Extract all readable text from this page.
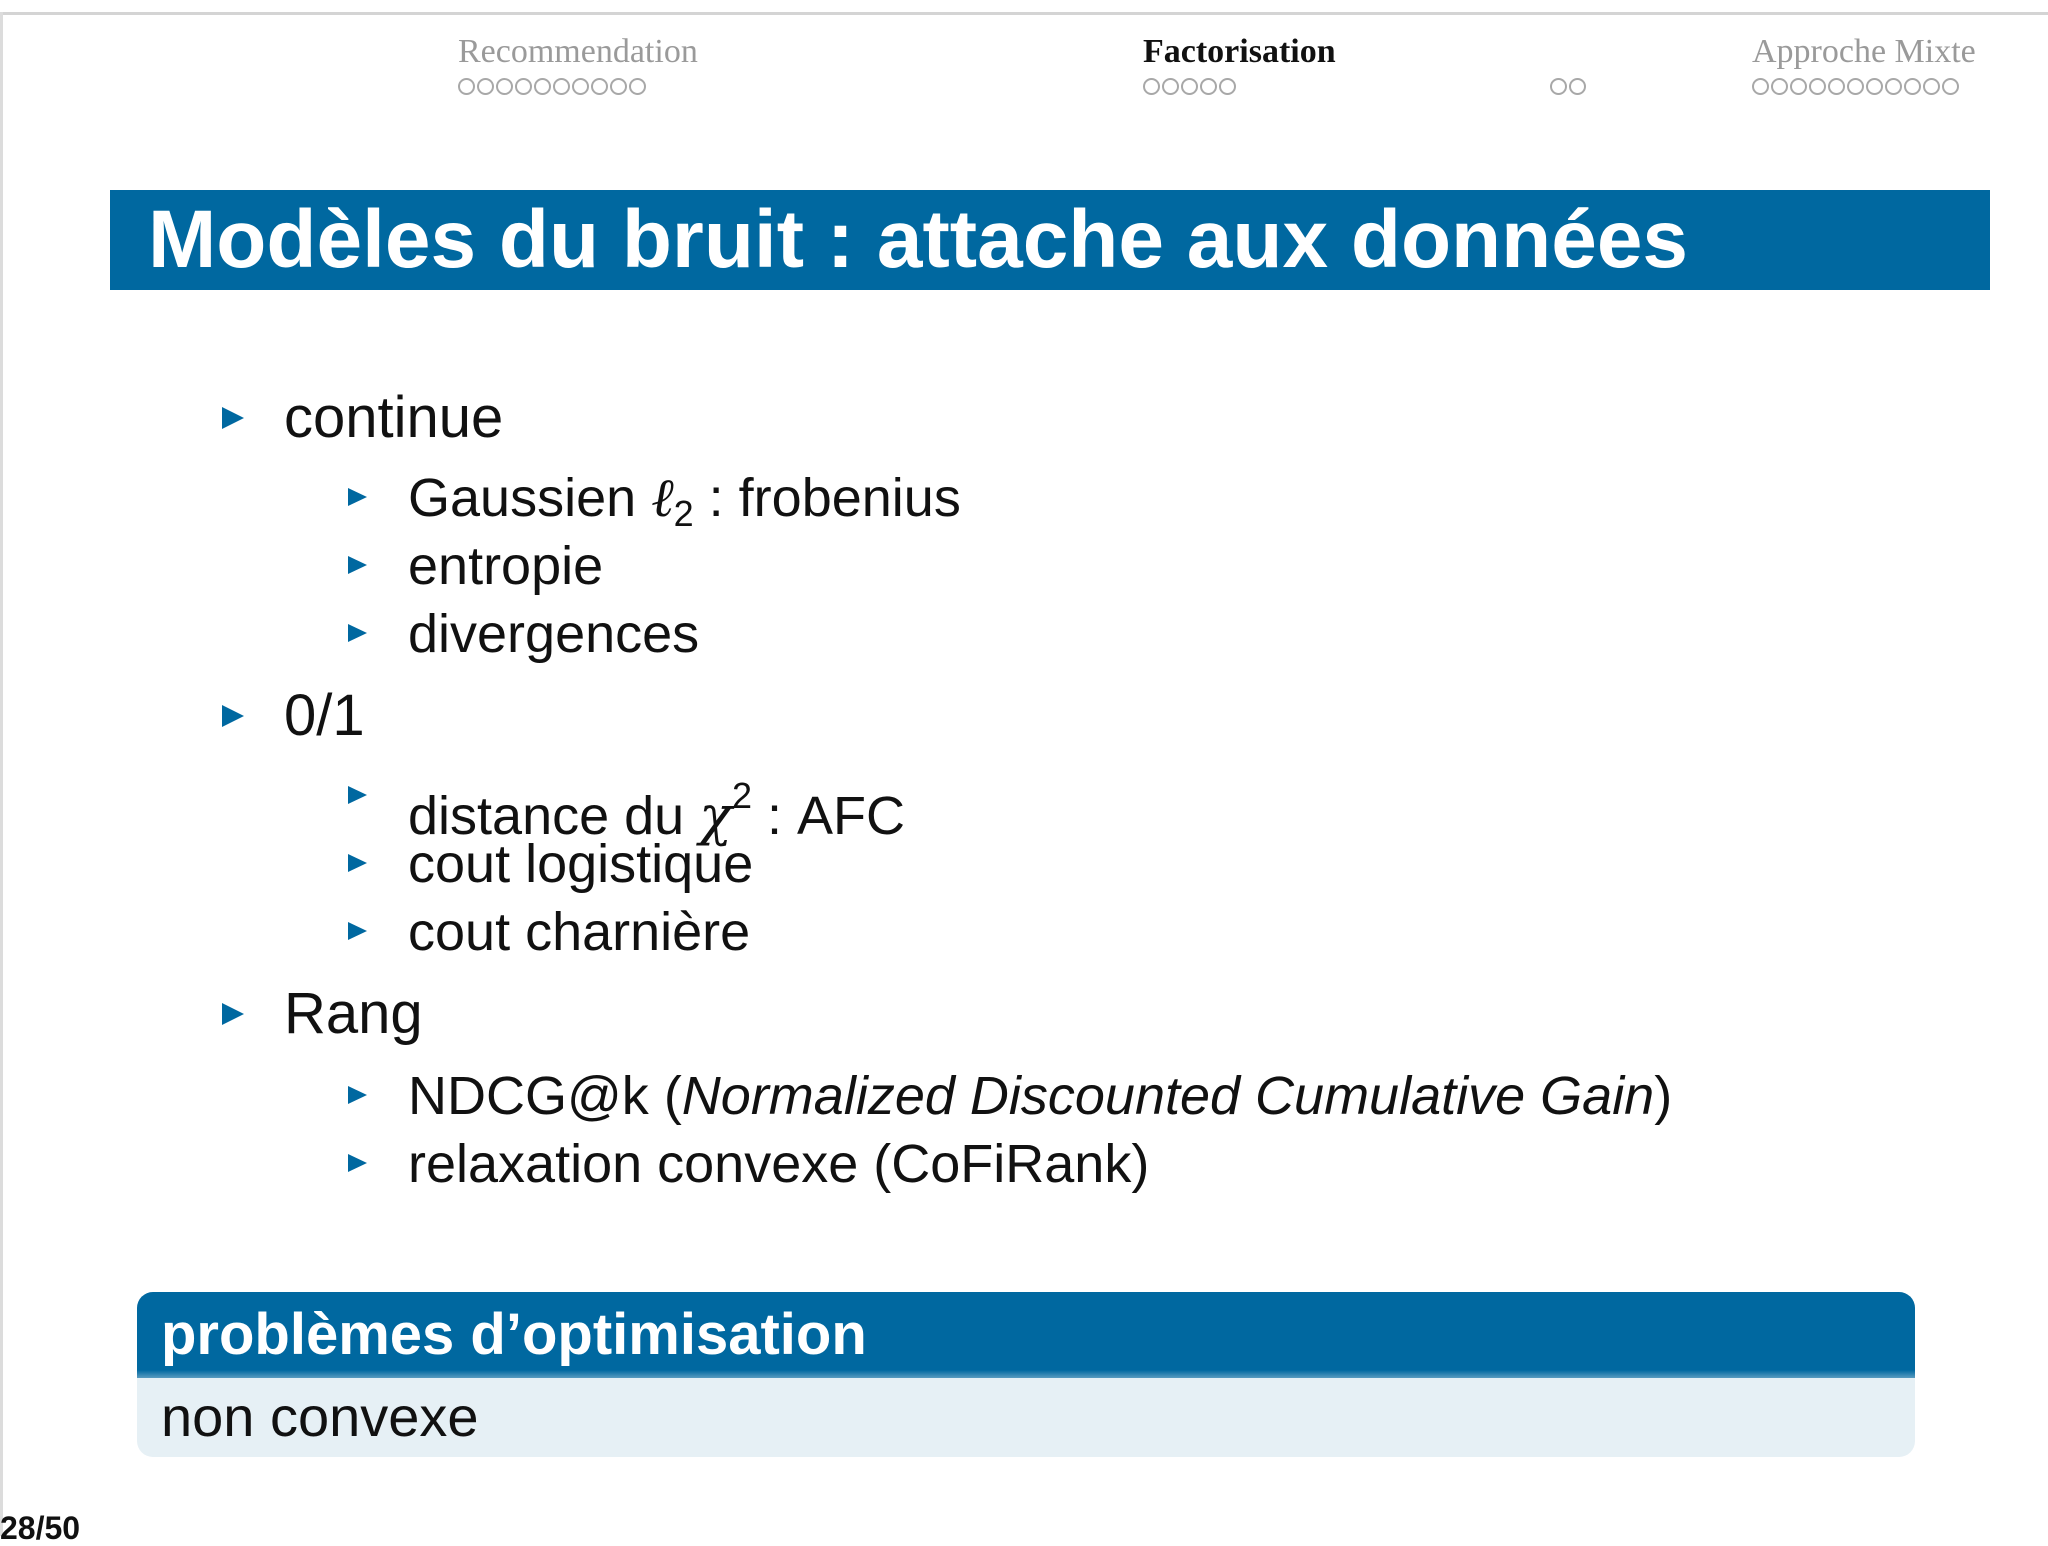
Recommendation	Factorisation
	Approche Mixte
Modèles du bruit : attache aux données
continue
Gaussien ℓ$_2$ : frobenius
entropie
divergences
0/1
distance du $\chi^2$ : AFC
cout logistique
cout charnière
Rang
NDCG@k (Normalized Discounted Cumulative Gain)
relaxation convexe (CoFiRank)
problèmes d’optimisation
non convexe
28/50
